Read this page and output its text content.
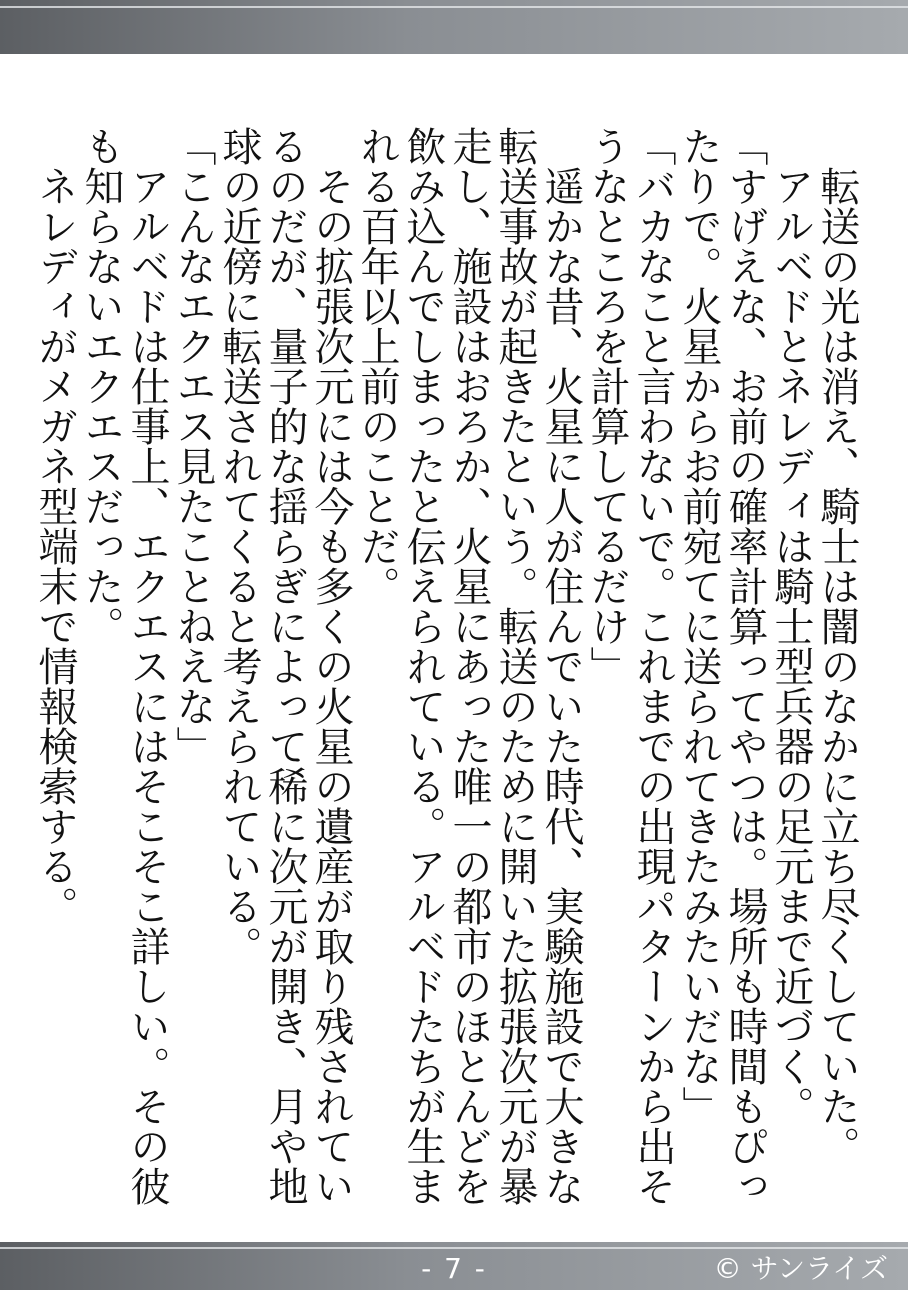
　転送の光は消え、騎士は闇のなかに立ち尽くしていた。

　アルベドとネレディは騎士型兵器の足元まで近づく。

「すげえな、お前の確率計算ってやつは。場所も時間もぴったりで。火星からお前宛てに送られてきたみたいだな」

「バカなこと言わないで。これまでの出現パターンから出そうなところを計算してるだけ」

　遥かな昔、火星に人が住んでいた時代、実験施設で大きな転送事故が起きたという。転送のために開いた拡張次元が暴走し、施設はおろか、火星にあった唯一の都市のほとんどを飲み込んでしまったと伝えられている。アルベドたちが生まれる百年以上前のことだ。

　その拡張次元には今も多くの火星の遺産が取り残されているのだが、量子的な揺らぎによって稀に次元が開き、月や地球の近傍に転送されてくると考えられている。

「こんなエクエス見たことねえな」

　アルベドは仕事上、エクエスにはそこそこ詳しい。その彼も知らないエクエスだった。

　ネレディがメガネ型端末で情報検索する。

- 7 -	© サンライズ
